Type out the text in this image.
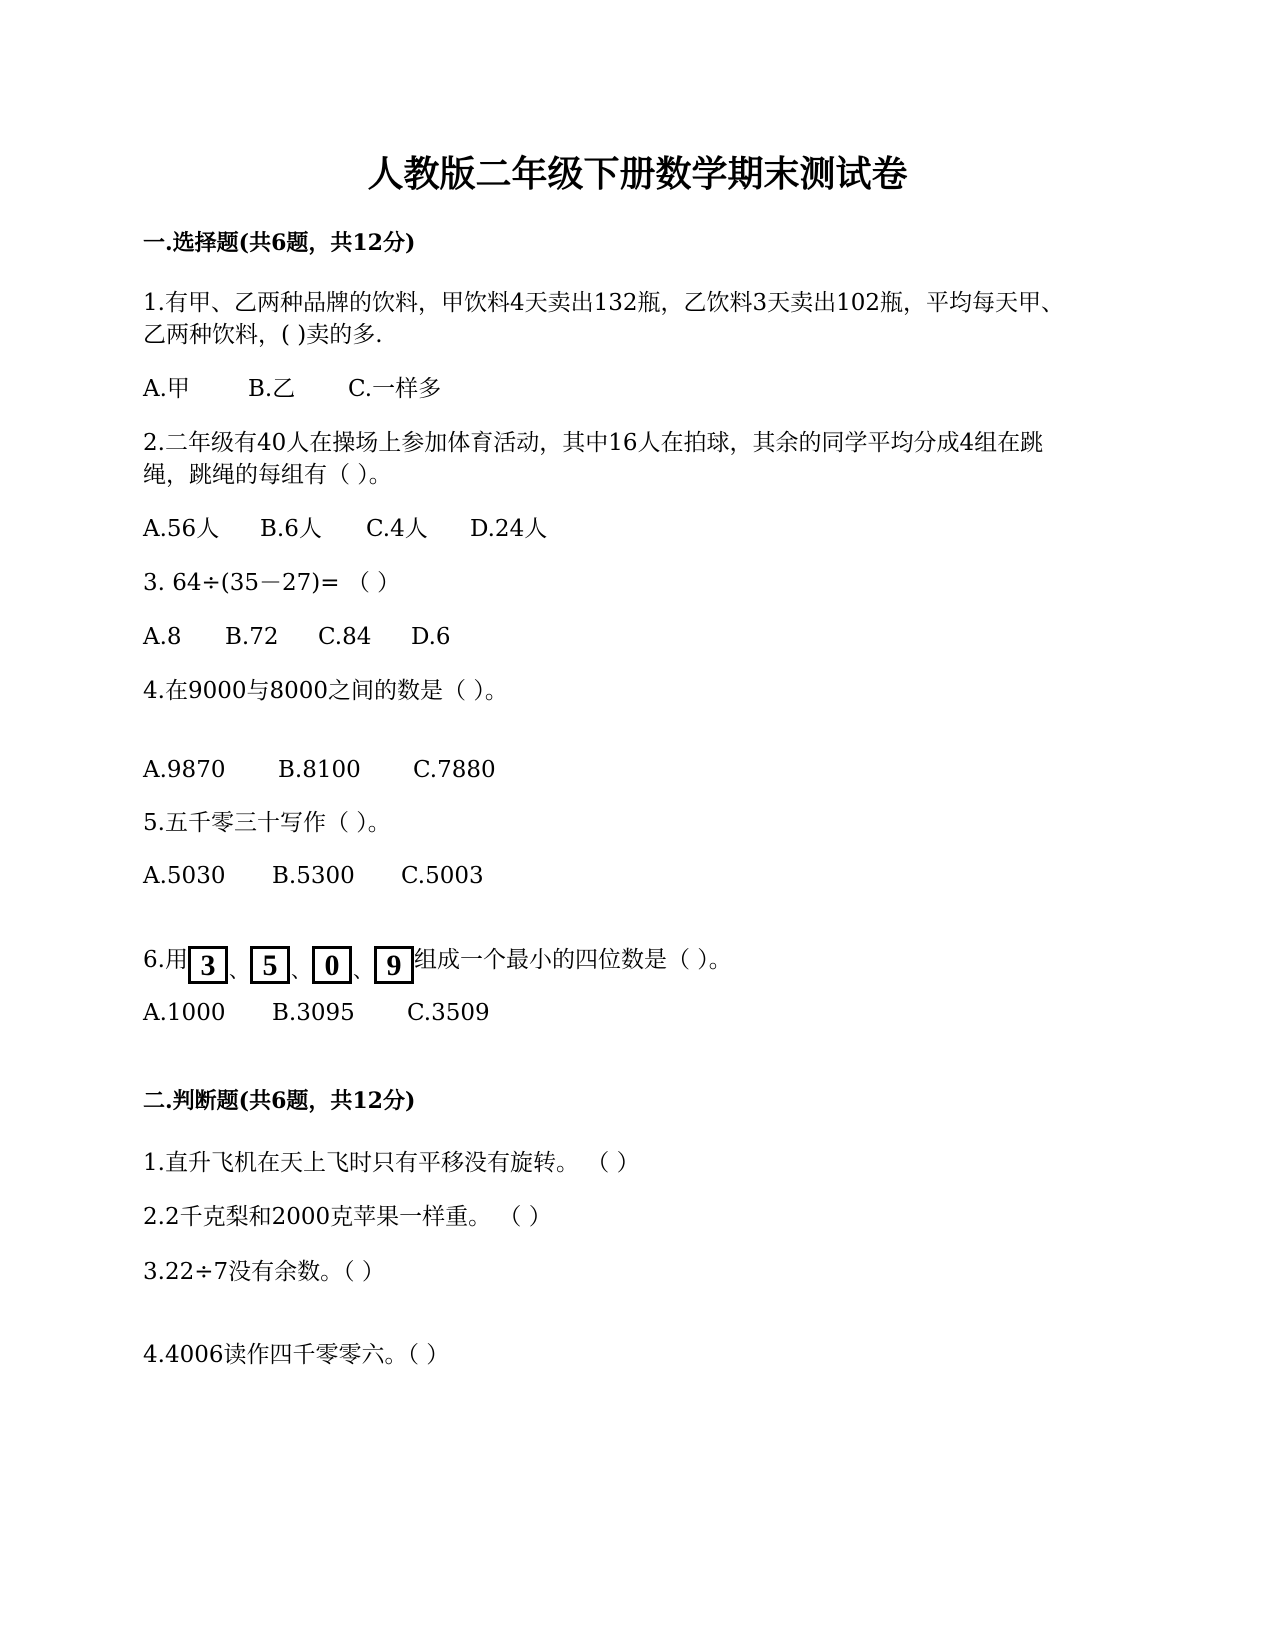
人教版二年级下册数学期末测试卷
一.选择题(共6题，共12分)
1.有甲、乙两种品牌的饮料，甲饮料4天卖出132瓶，乙饮料3天卖出102瓶，平均每天甲、
乙两种饮料，( )卖的多.
A.甲	B.乙 C.一样多
2.二年级有40人在操场上参加体育活动，其中16人在拍球，其余的同学平均分成4组在跳
绳，跳绳的每组有（ ）。
A.56人 B.6人 C.4人 D.24人
3. 64÷(35－27)= （ ）
A.8 B.72 C.84 D.6
4.在9000与8000之间的数是（ ）。
A.9870 B.8100 C.7880
5.五千零三十写作（ ）。
A.5030 B.5300 C.5003
6.用 3 、 5 、 0 、 9 组成一个最小的四位数是（ ）。
A.1000 B.3095 C.3509
二.判断题(共6题，共12分)
1.直升飞机在天上飞时只有平移没有旋转。 （ ）
2.2千克梨和2000克苹果一样重。 （ ）
3.22÷7没有余数。（ ）
4.4006读作四千零零六。（ ）
